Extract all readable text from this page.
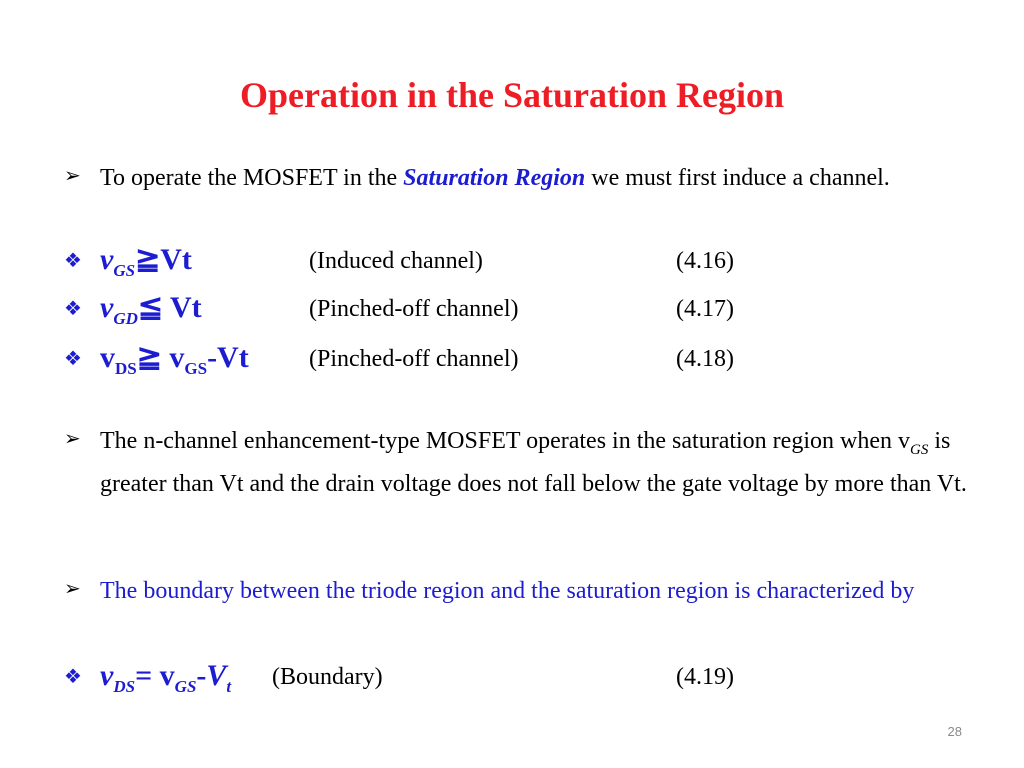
Operation in the Saturation Region
➢ To operate the MOSFET in the Saturation Region we must first induce a channel.
❖ $v_{GS}≧Vt$	(Induced channel)	(4.16)
❖ $v_{GD}≦$ Vt	(Pinched-off channel)	(4.17)
❖ $v_{DS}≧$ $v_{GS}-Vt$	(Pinched-off channel)	(4.18)
➢ The n-channel enhancement-type MOSFET operates in the saturation region when $v_{GS}$ is greater than Vt and the drain voltage does not fall below the gate voltage by more than Vt.
➢ The boundary between the triode region and the saturation region is characterized by
❖ $v_{DS}= v_{GS}-V_t$ (Boundary)	(4.19)
28
